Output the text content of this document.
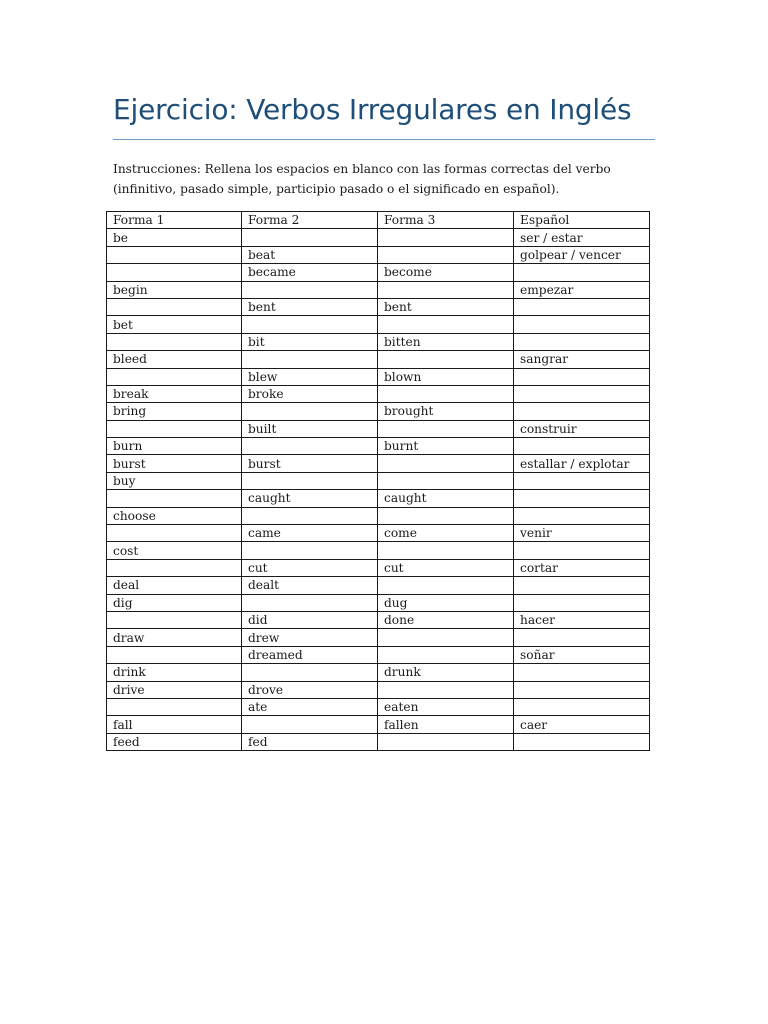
Ejercicio: Verbos Irregulares en Inglés

Instrucciones: Rellena los espacios en blanco con las formas correctas del verbo (infinitivo, pasado simple, participio pasado o el significado en español).

Forma 1	Forma 2	Forma 3	Español
be			ser / estar
	beat		golpear / vencer
	became	become	
begin			empezar
	bent	bent	
bet			
	bit	bitten	
bleed			sangrar
	blew	blown	
break	broke		
bring		brought	
	built		construir
burn		burnt	
burst	burst		estallar / explotar
buy			
	caught	caught	
choose			
	came	come	venir
cost			
	cut	cut	cortar
deal	dealt		
dig		dug	
	did	done	hacer
draw	drew		
	dreamed		soñar
drink		drunk	
drive	drove		
	ate	eaten	
fall		fallen	caer
feed	fed		
